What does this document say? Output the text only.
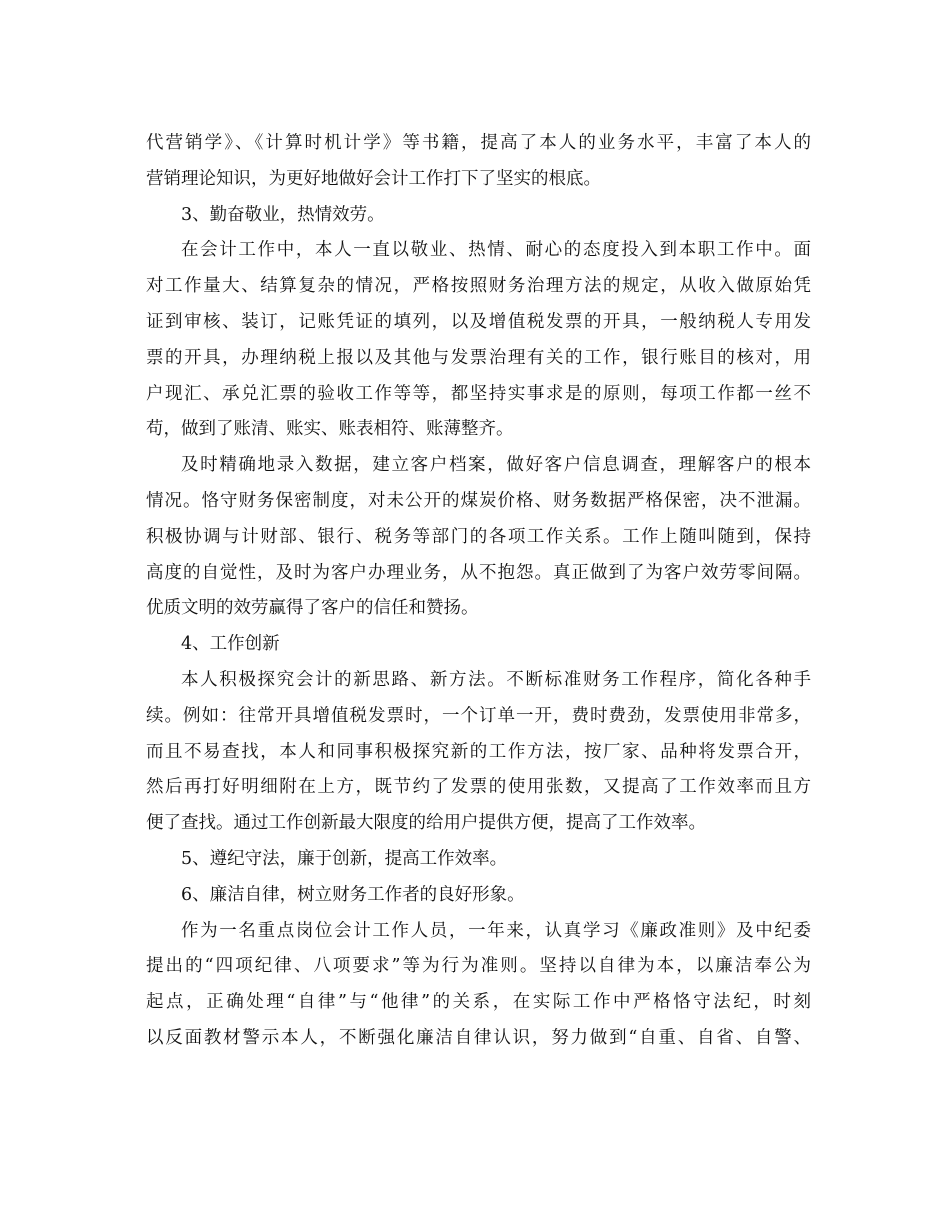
代营销学》、《计算时机计学》等书籍，提高了本人的业务水平，丰富了本人的
营销理论知识，为更好地做好会计工作打下了坚实的根底。
3、勤奋敬业，热情效劳。
在会计工作中，本人一直以敬业、热情、耐心的态度投入到本职工作中。面
对工作量大、结算复杂的情况，严格按照财务治理方法的规定，从收入做原始凭
证到审核、装订，记账凭证的填列，以及增值税发票的开具，一般纳税人专用发
票的开具，办理纳税上报以及其他与发票治理有关的工作，银行账目的核对，用
户现汇、承兑汇票的验收工作等等，都坚持实事求是的原则，每项工作都一丝不
苟，做到了账清、账实、账表相符、账薄整齐。
及时精确地录入数据，建立客户档案，做好客户信息调查，理解客户的根本
情况。恪守财务保密制度，对未公开的煤炭价格、财务数据严格保密，决不泄漏。
积极协调与计财部、银行、税务等部门的各项工作关系。工作上随叫随到，保持
高度的自觉性，及时为客户办理业务，从不抱怨。真正做到了为客户效劳零间隔。
优质文明的效劳赢得了客户的信任和赞扬。
4、工作创新
本人积极探究会计的新思路、新方法。不断标准财务工作程序，简化各种手
续。例如：往常开具增值税发票时，一个订单一开，费时费劲，发票使用非常多，
而且不易查找，本人和同事积极探究新的工作方法，按厂家、品种将发票合开，
然后再打好明细附在上方，既节约了发票的使用张数，又提高了工作效率而且方
便了查找。通过工作创新最大限度的给用户提供方便，提高了工作效率。
5、遵纪守法，廉于创新，提高工作效率。
6、廉洁自律，树立财务工作者的良好形象。
作为一名重点岗位会计工作人员，一年来，认真学习《廉政准则》及中纪委
提出的“四项纪律、八项要求”等为行为准则。坚持以自律为本，以廉洁奉公为
起点，正确处理“自律”与“他律”的关系，在实际工作中严格恪守法纪，时刻
以反面教材警示本人，不断强化廉洁自律认识，努力做到“自重、自省、自警、
